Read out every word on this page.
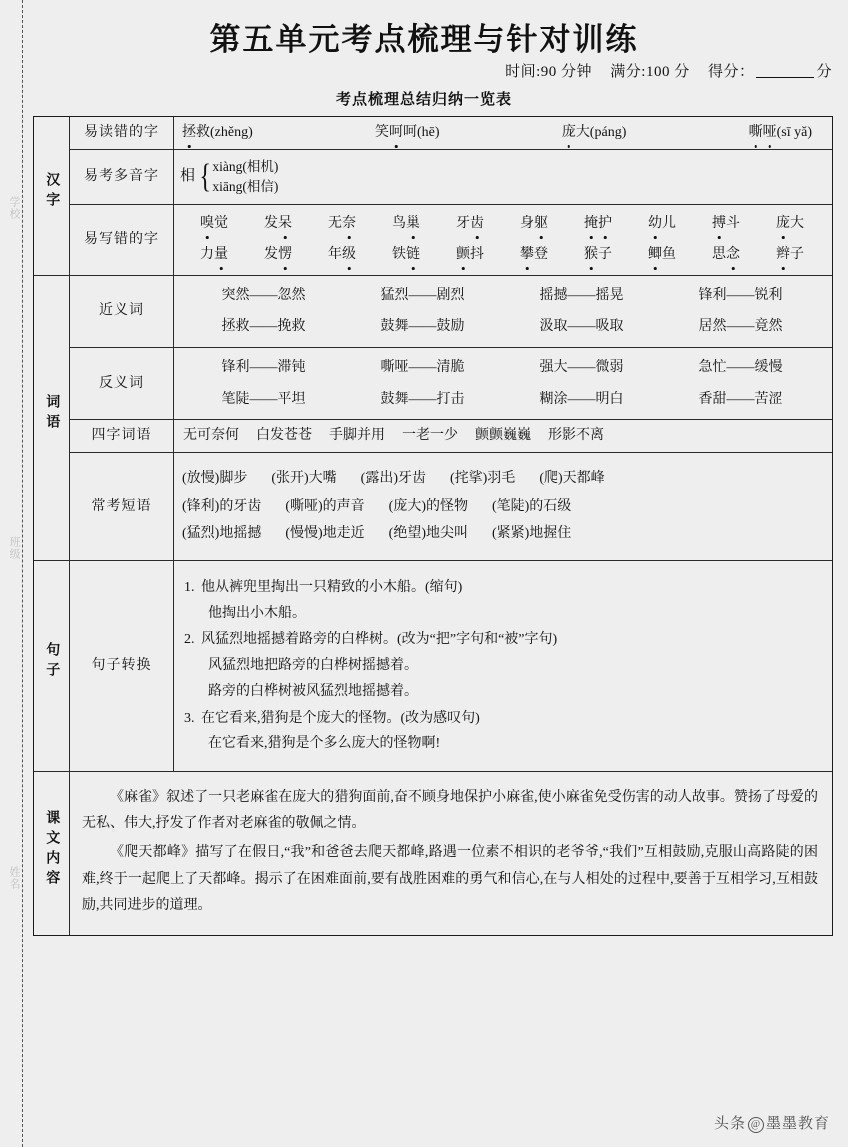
学校
班级
姓名
第五单元考点梳理与针对训练
时间:90 分钟 满分:100 分 得分：	分
考点梳理总结归纳一览表
汉字	易读错的字	拯救(zhěng) 笑呵呵(hē) 庞大(páng) 嘶哑(sī yǎ)

	易考多音字	相 { xiàng(相机)
xiāng(相信)

易写错的字	
嗅觉	发呆	无奈	鸟巢	牙齿	身躯	掩护	幼儿	搏斗	庞大
力量	发愣	年级	铁链	颤抖	攀登	猴子	鲫鱼	思念	辫子

词语	近义词	
突然——忽然	猛烈——剧烈	摇撼——摇晃	锋利——锐利
拯救——挽救	鼓舞——鼓励	汲取——吸取	居然——竟然

反义词	
锋利——滞钝	嘶哑——清脆	强大——微弱	急忙——缓慢
笔陡——平坦	鼓舞——打击	糊涂——明白	香甜——苦涩

四字词语	无可奈何 白发苍苍 手脚并用 一老一少 颤颤巍巍 形影不离

常考短语	
(放慢)脚步 (张开)大嘴 (露出)牙齿 (挓挲)羽毛 (爬)天都峰
(锋利)的牙齿 (嘶哑)的声音 (庞大)的怪物 (笔陡)的石级
(猛烈)地摇撼 (慢慢)地走近 (绝望)地尖叫 (紧紧)地握住

句子	句子转换	
1. 他从裤兜里掏出一只精致的小木船。(缩句)
他掏出小木船。
2. 风猛烈地摇撼着路旁的白桦树。(改为“把”字句和“被”字句)
风猛烈地把路旁的白桦树摇撼着。
路旁的白桦树被风猛烈地摇撼着。
3. 在它看来,猎狗是个庞大的怪物。(改为感叹句)
在它看来,猎狗是个多么庞大的怪物啊!

课文内容	《麻雀》叙述了一只老麻雀在庞大的猎狗面前,奋不顾身地保护小麻雀,使小麻雀免受伤害的动人故事。赞扬了母爱的无私、伟大,抒发了作者对老麻雀的敬佩之情。

《爬天都峰》描写了在假日,“我”和爸爸去爬天都峰,路遇一位素不相识的老爷爷,“我们”互相鼓励,克服山高路陡的困难,终于一起爬上了天都峰。揭示了在困难面前,要有战胜困难的勇气和信心,在与人相处的过程中,要善于互相学习,互相鼓励,共同进步的道理。	

头条 @ 墨墨教育
